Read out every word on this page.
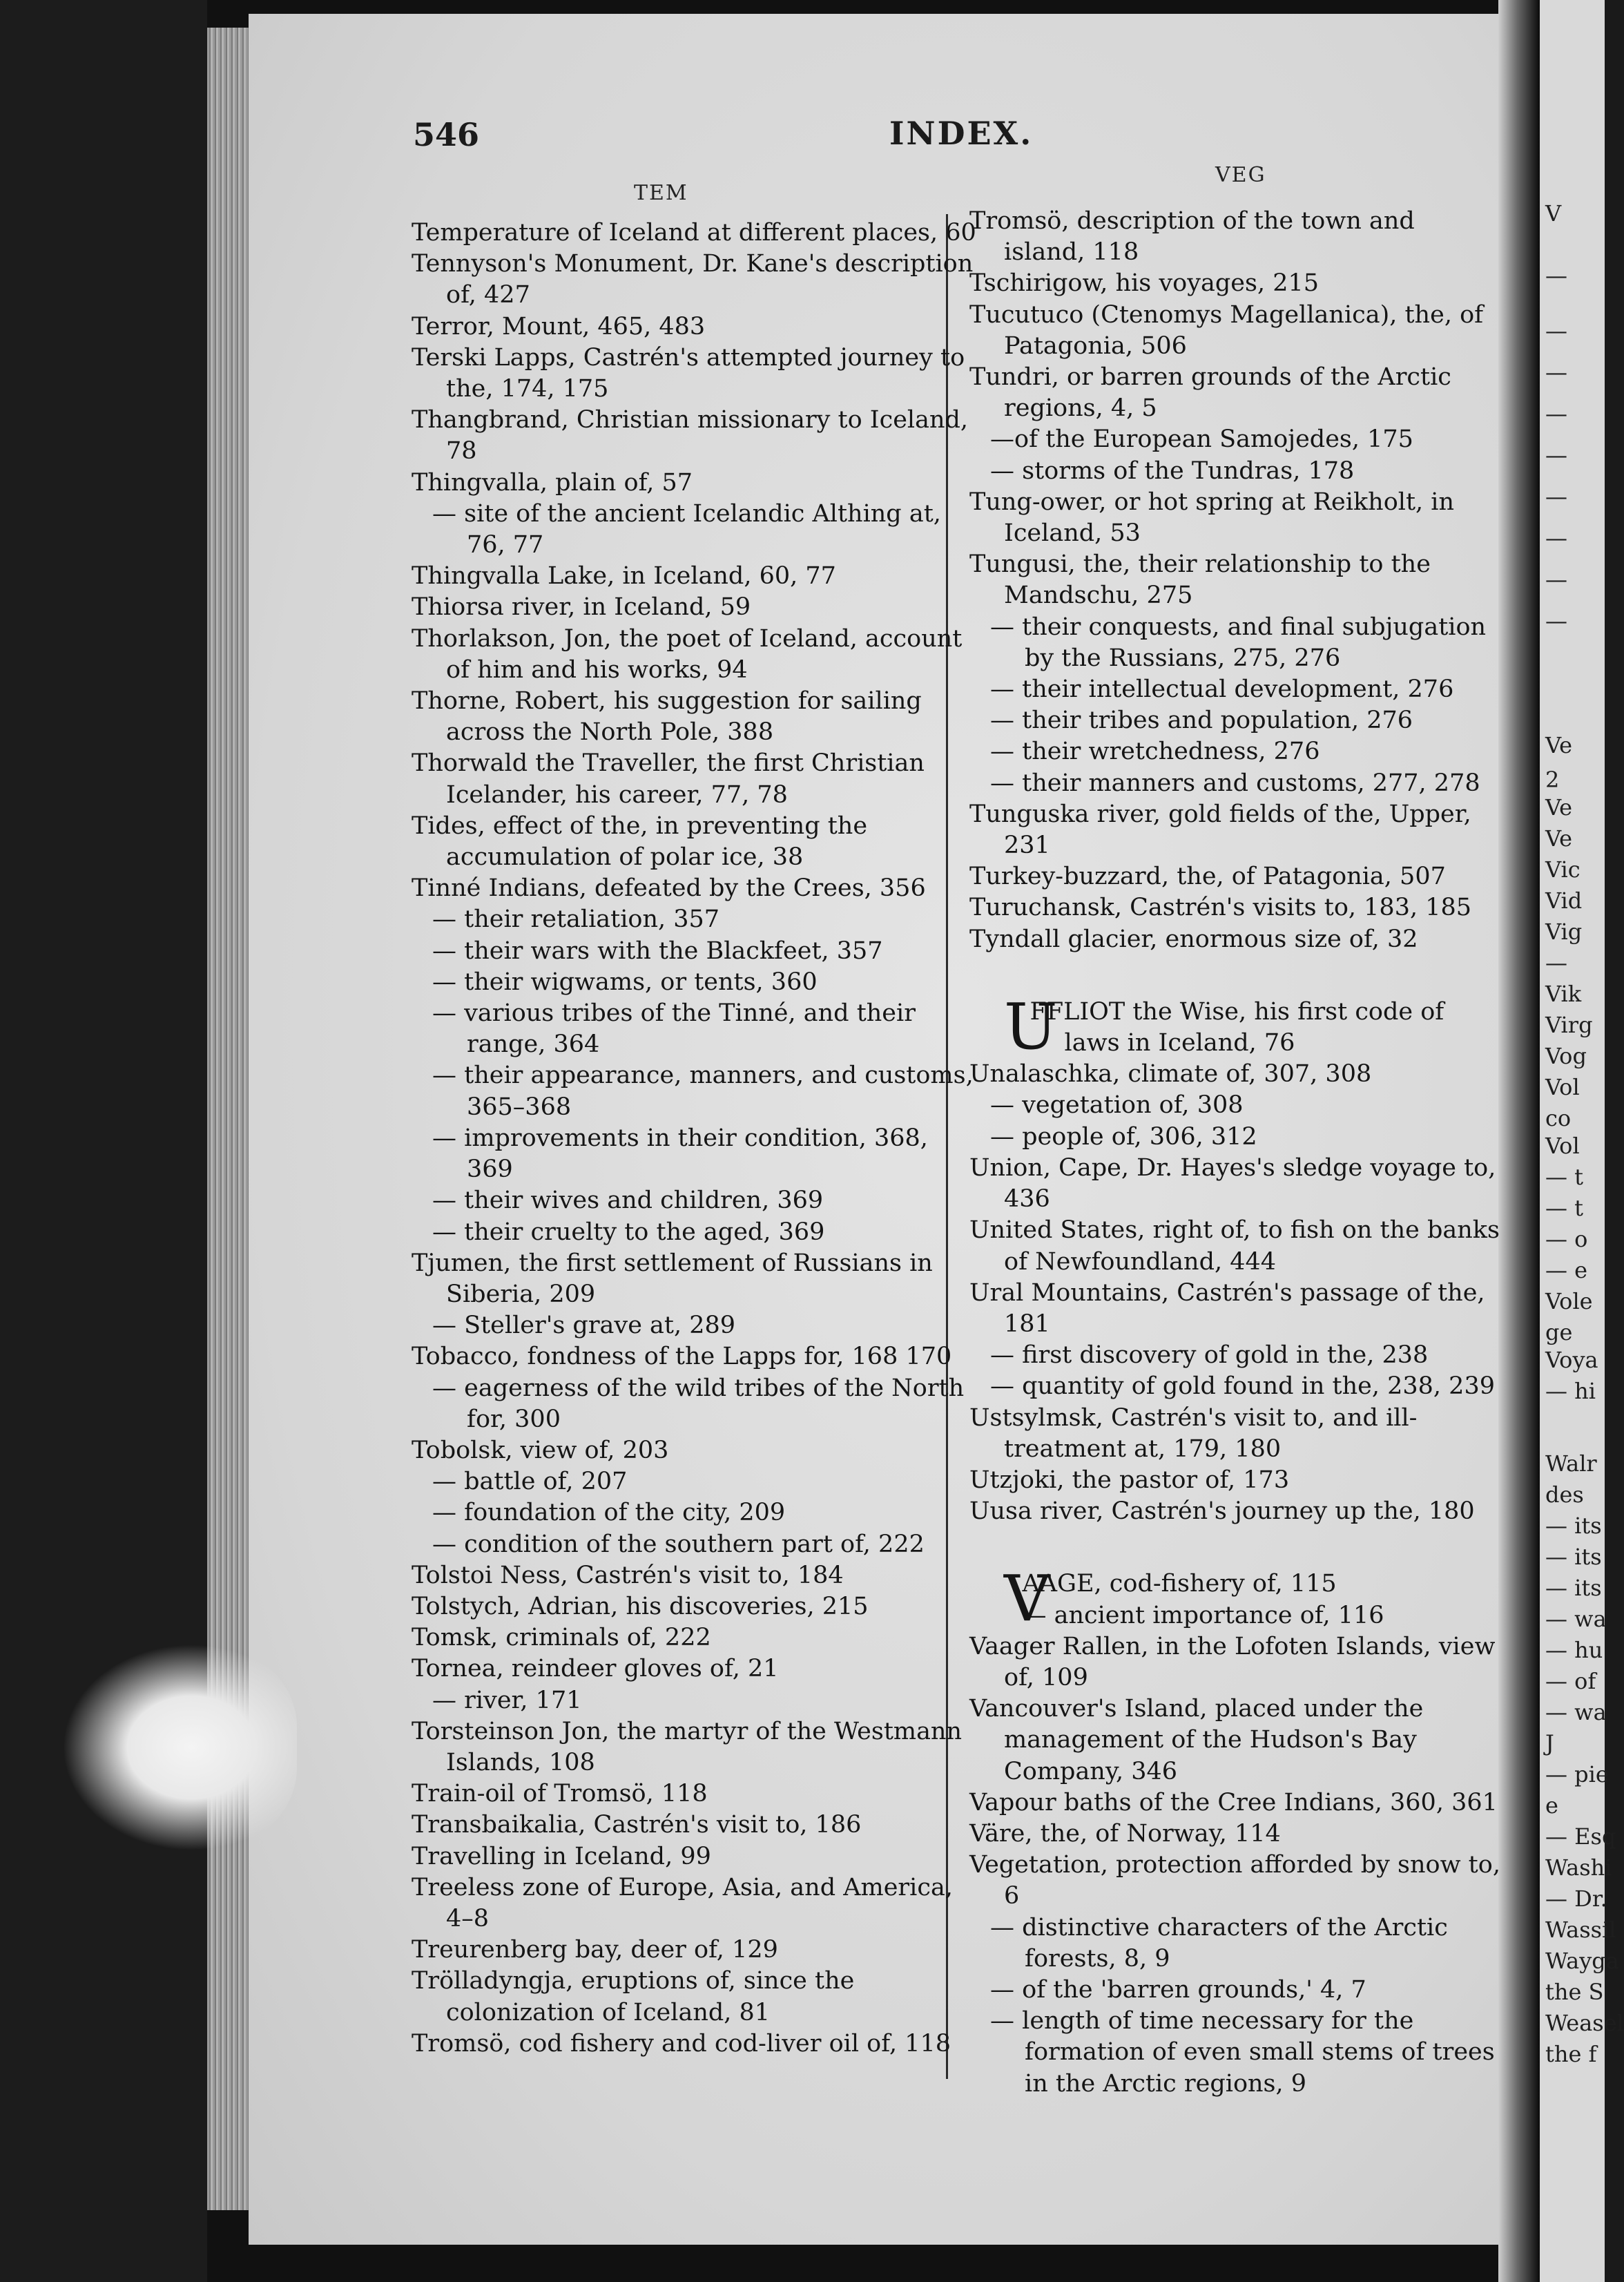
546	INDEX.
TEM
VEG
Temperature of Iceland at different places, 60
Tennyson's Monument, Dr. Kane's description of, 427
Terror, Mount, 465, 483
Terski Lapps, Castrén's attempted journey to the, 174, 175
Thangbrand, Christian missionary to Iceland, 78
Thingvalla, plain of, 57
— site of the ancient Icelandic Althing at, 76, 77
Thingvalla Lake, in Iceland, 60, 77
Thiorsa river, in Iceland, 59
Thorlakson, Jon, the poet of Iceland, account of him and his works, 94
Thorne, Robert, his suggestion for sailing across the North Pole, 388
Thorwald the Traveller, the first Christian Icelander, his career, 77, 78
Tides, effect of the, in preventing the accumulation of polar ice, 38
Tinné Indians, defeated by the Crees, 356
— their retaliation, 357
— their wars with the Blackfeet, 357
— their wigwams, or tents, 360
— various tribes of the Tinné, and their range, 364
— their appearance, manners, and customs, 365–368
— improvements in their condition, 368, 369
— their wives and children, 369
— their cruelty to the aged, 369
Tjumen, the first settlement of Russians in Siberia, 209
— Steller's grave at, 289
Tobacco, fondness of the Lapps for, 168 170
— eagerness of the wild tribes of the North for, 300
Tobolsk, view of, 203
— battle of, 207
— foundation of the city, 209
— condition of the southern part of, 222
Tolstoi Ness, Castrén's visit to, 184
Tolstych, Adrian, his discoveries, 215
Tomsk, criminals of, 222
Tornea, reindeer gloves of, 21
— river, 171
Torsteinson Jon, the martyr of the Westmann Islands, 108
Train-oil of Tromsö, 118
Transbaikalia, Castrén's visit to, 186
Travelling in Iceland, 99
Treeless zone of Europe, Asia, and America, 4–8
Treurenberg bay, deer of, 129
Trölladyngja, eruptions of, since the colonization of Iceland, 81
Tromsö, cod fishery and cod-liver oil of, 118
Tromsö, description of the town and island, 118
Tschirigow, his voyages, 215
Tucutuco (Ctenomys Magellanica), the, of Patagonia, 506
Tundri, or barren grounds of the Arctic regions, 4, 5
—of the European Samojedes, 175
— storms of the Tundras, 178
Tung-ower, or hot spring at Reikholt, in Iceland, 53
Tungusi, the, their relationship to the Mandschu, 275
— their conquests, and final subjugation by the Russians, 275, 276
— their intellectual development, 276
— their tribes and population, 276
— their wretchedness, 276
— their manners and customs, 277, 278
Tunguska river, gold fields of the, Upper, 231
Turkey-buzzard, the, of Patagonia, 507
Turuchansk, Castrén's visits to, 183, 185
Tyndall glacier, enormous size of, 32
U
FFLIOT the Wise, his first code of laws in Iceland, 76
Unalaschka, climate of, 307, 308
— vegetation of, 308
— people of, 306, 312
Union, Cape, Dr. Hayes's sledge voyage to, 436
United States, right of, to fish on the banks of Newfoundland, 444
Ural Mountains, Castrén's passage of the, 181
— first discovery of gold in the, 238
— quantity of gold found in the, 238, 239
Ustsylmsk, Castrén's visit to, and ill-treatment at, 179, 180
Utzjoki, the pastor of, 173
Uusa river, Castrén's journey up the, 180
V
AAGE, cod-fishery of, 115
— ancient importance of, 116
Vaager Rallen, in the Lofoten Islands, view of, 109
Vancouver's Island, placed under the management of the Hudson's Bay Company, 346
Vapour baths of the Cree Indians, 360, 361
Väre, the, of Norway, 114
Vegetation, protection afforded by snow to, 6
— distinctive characters of the Arctic forests, 8, 9
— of the 'barren grounds,' 4, 7
— length of time necessary for the formation of even small stems of trees in the Arctic regions, 9
V
—
—
—
—
—
—
—
—
—
Ve
2
Ve
Ve
Vic
Vid
Vig
—
Vik
Virg
Vog
Vol
co
Vol
— t
— t
— o
— e
Vole
ge
Voya
— hi
Walr
des
— its
— its
— its
— wa
— hu
— of
— wa
J
— pie
e
— Esq
Washi
— Dr.
Wassil
Wayga
the S
Weasel
the f
